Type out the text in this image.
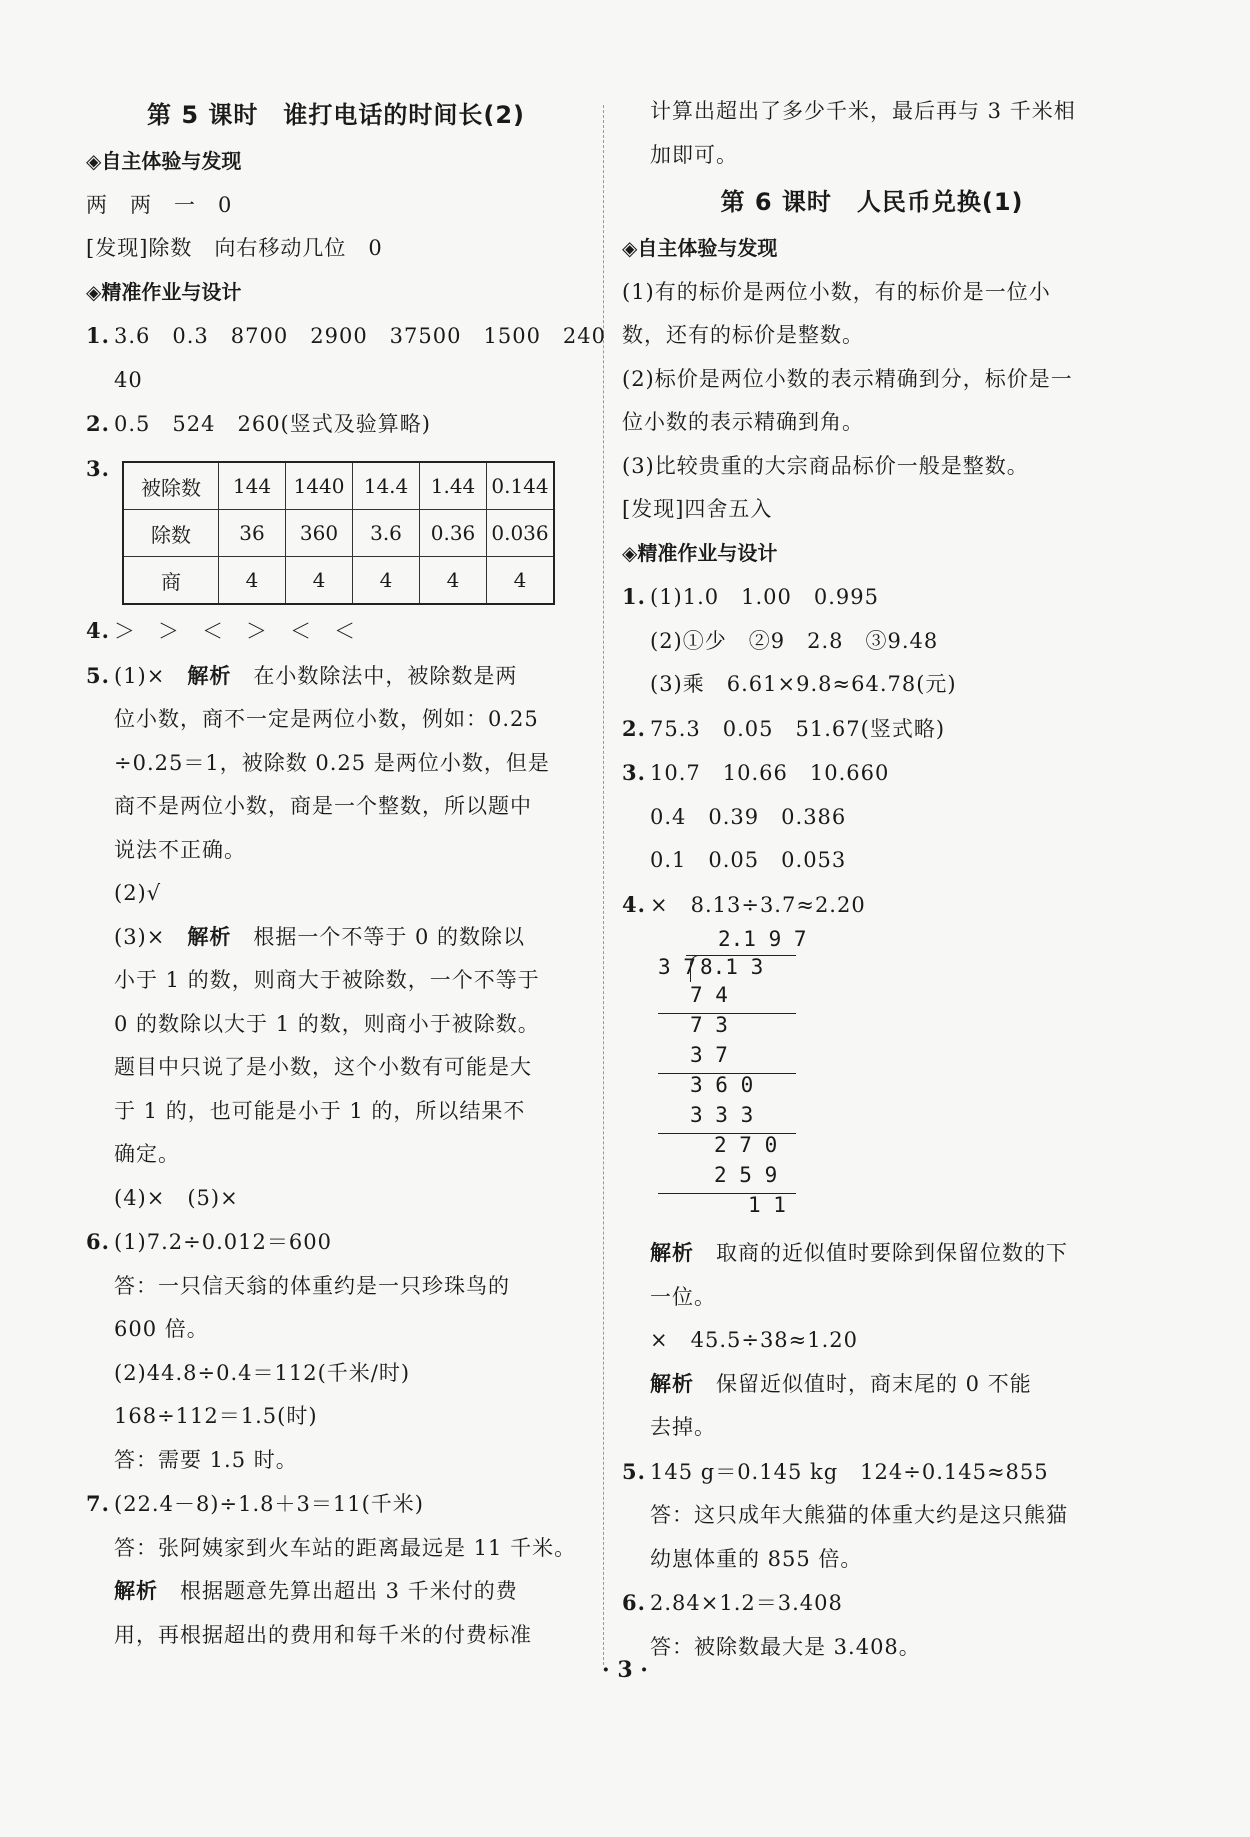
第 5 课时　谁打电话的时间长(2)
◈自主体验与发现
两　两　一　0
[发现]除数　向右移动几位　0
◈精准作业与设计
1. 3.6　0.3　8700　2900　37500　1500　240
40
2. 0.5　524　260(竖式及验算略)
3.
被除数	144	1440	14.4	1.44	0.144
除数	36	360	3.6	0.36	0.036
商	4	4	4	4	4
4. ＞　＞　＜　＞　＜　＜
5. (1)×　解析　在小数除法中，被除数是两
位小数，商不一定是两位小数，例如：0.25
÷0.25＝1，被除数 0.25 是两位小数，但是
商不是两位小数，商是一个整数，所以题中
说法不正确。
(2)√
(3)×　解析　根据一个不等于 0 的数除以
小于 1 的数，则商大于被除数，一个不等于
0 的数除以大于 1 的数，则商小于被除数。
题目中只说了是小数，这个小数有可能是大
于 1 的，也可能是小于 1 的，所以结果不
确定。
(4)×　(5)×
6. (1)7.2÷0.012＝600
答：一只信天翁的体重约是一只珍珠鸟的
600 倍。
(2)44.8÷0.4＝112(千米/时)
168÷112＝1.5(时)
答：需要 1.5 时。
7. (22.4－8)÷1.8＋3＝11(千米)
答：张阿姨家到火车站的距离最远是 11 千米。
解析　根据题意先算出超出 3 千米付的费
用，再根据超出的费用和每千米的付费标准
计算出超出了多少千米，最后再与 3 千米相
加即可。
第 6 课时　人民币兑换(1)
◈自主体验与发现
(1)有的标价是两位小数，有的标价是一位小
数，还有的标价是整数。
(2)标价是两位小数的表示精确到分，标价是一
位小数的表示精确到角。
(3)比较贵重的大宗商品标价一般是整数。
[发现]四舍五入
◈精准作业与设计
1. (1)1.0　1.00　0.995
(2)①少　②9　2.8　③9.48
(3)乘　6.61×9.8≈64.78(元)
2. 75.3　0.05　51.67(竖式略)
3. 10.7　10.66　10.660
0.4　0.39　0.386
0.1　0.05　0.053
4. ×　8.13÷3.7≈2.20
2.1 9 7
3 7 8.1 3
7 4
7 3
3 7
3 6 0
3 3 3
2 7 0
2 5 9
1 1
解析　取商的近似值时要除到保留位数的下
一位。
×　45.5÷38≈1.20
解析　保留近似值时，商末尾的 0 不能
去掉。
5. 145 g＝0.145 kg　124÷0.145≈855
答：这只成年大熊猫的体重大约是这只熊猫
幼崽体重的 855 倍。
6. 2.84×1.2＝3.408
答：被除数最大是 3.408。
· 3 ·
